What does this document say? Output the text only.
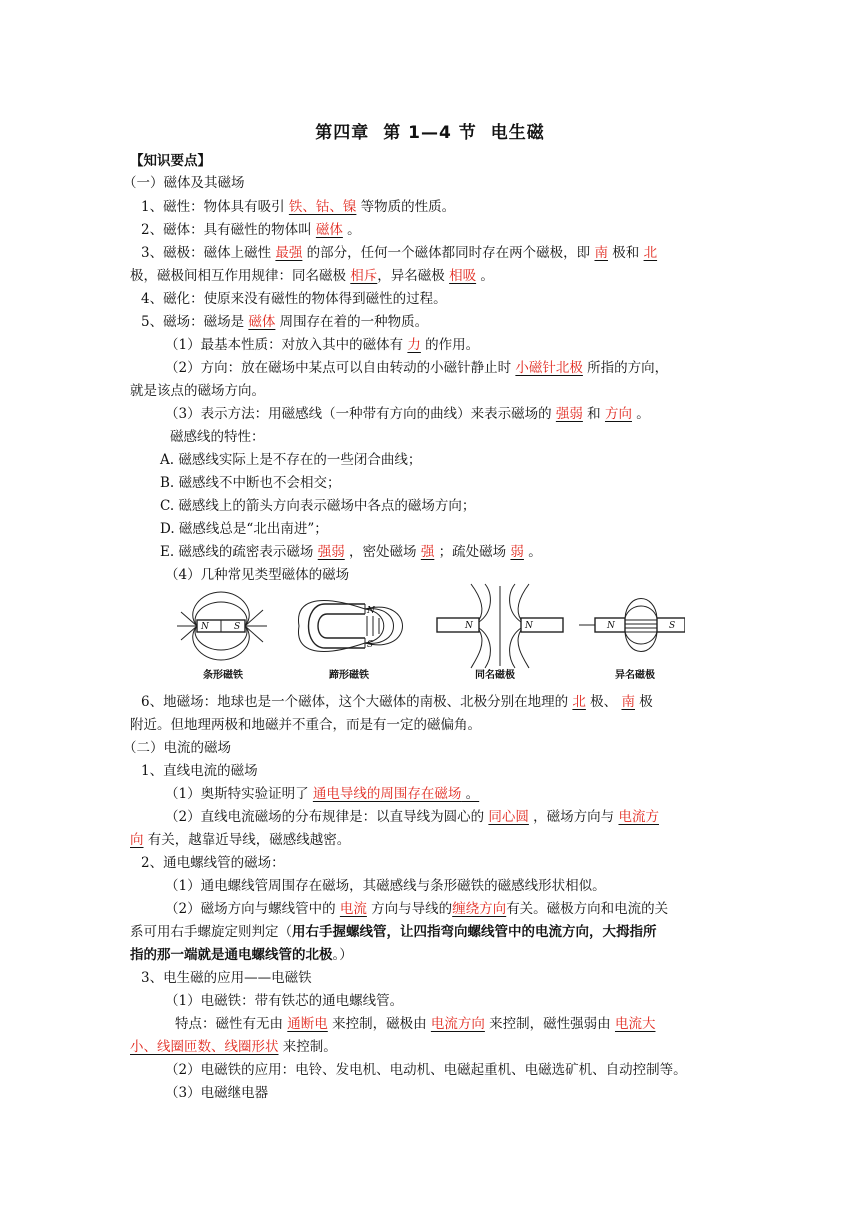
第四章 第 1—4 节 电生磁
【知识要点】
（一）磁体及其磁场
1、磁性：物体具有吸引 铁、钴、镍 等物质的性质。
2、磁体：具有磁性的物体叫 磁体 。
3、磁极：磁体上磁性 最强 的部分，任何一个磁体都同时存在两个磁极，即 南 极和 北
极，磁极间相互作用规律：同名磁极 相斥，异名磁极 相吸 。
4、磁化：使原来没有磁性的物体得到磁性的过程。
5、磁场：磁场是 磁体 周围存在着的一种物质。
（1）最基本性质：对放入其中的磁体有 力 的作用。
（2）方向：放在磁场中某点可以自由转动的小磁针静止时 小磁针北极 所指的方向，
就是该点的磁场方向。
（3）表示方法：用磁感线（一种带有方向的曲线）来表示磁场的 强弱 和 方向 。
磁感线的特性：
A. 磁感线实际上是不存在的一些闭合曲线；
B. 磁感线不中断也不会相交；
C. 磁感线上的箭头方向表示磁场中各点的磁场方向；
D. 磁感线总是“北出南进”；
E. 磁感线的疏密表示磁场 强弱 ，密处磁场 强 ；疏处磁场 弱 。
（4）几种常见类型磁体的磁场
N	S
N
S
N	N	N	S
条形磁铁	蹄形磁铁	同名磁极	异名磁极
6、地磁场：地球也是一个磁体，这个大磁体的南极、北极分别在地理的 北 极、 南 极
附近。但地理两极和地磁并不重合，而是有一定的磁偏角。
（二）电流的磁场
1、直线电流的磁场
（1）奥斯特实验证明了 通电导线的周围存在磁场 。
（2）直线电流磁场的分布规律是：以直导线为圆心的 同心圆 ，磁场方向与 电流方
向 有关，越靠近导线，磁感线越密。
2、通电螺线管的磁场：
（1）通电螺线管周围存在磁场，其磁感线与条形磁铁的磁感线形状相似。
（2）磁场方向与螺线管中的 电流 方向与导线的缠绕方向有关。磁极方向和电流的关
系可用右手螺旋定则判定（用右手握螺线管，让四指弯向螺线管中的电流方向，大拇指所
指的那一端就是通电螺线管的北极。）
3、电生磁的应用——电磁铁
（1）电磁铁：带有铁芯的通电螺线管。
特点：磁性有无由 通断电 来控制，磁极由 电流方向 来控制，磁性强弱由 电流大
小、线圈匝数、线圈形状 来控制。
（2）电磁铁的应用：电铃、发电机、电动机、电磁起重机、电磁选矿机、自动控制等。
（3）电磁继电器
